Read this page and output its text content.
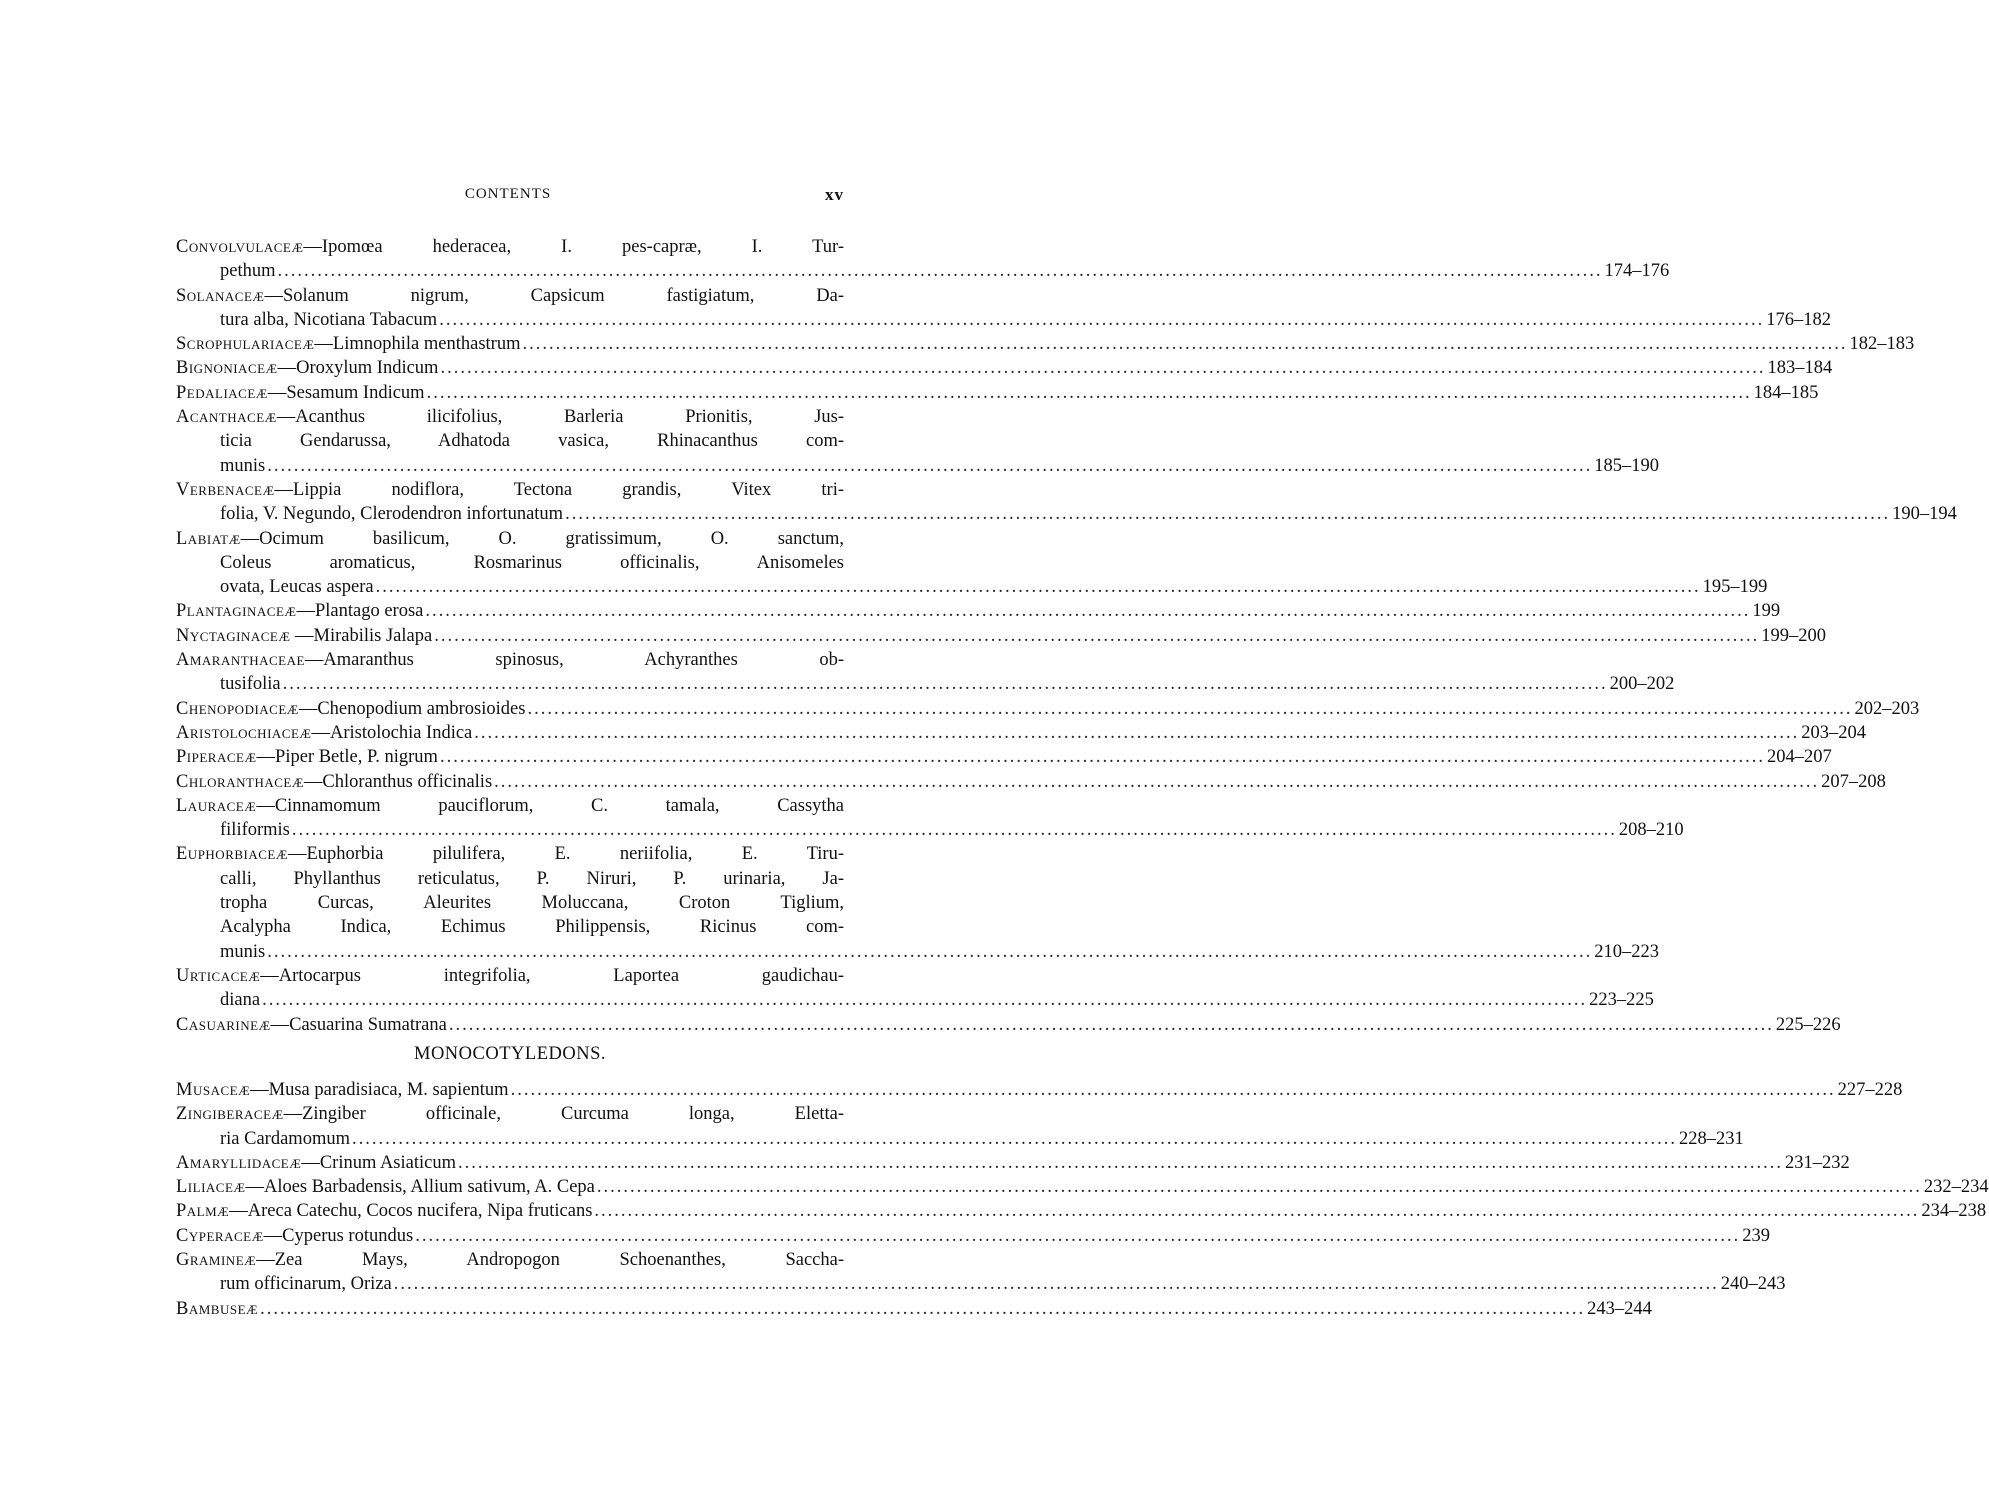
CONTENTS	xv
Convolvulaceæ—Ipomœa hederacea, I. pes-capræ, I. Tur-
pethum ........................................................................................................................................................................................................ 174–176
Solanaceæ—Solanum nigrum, Capsicum fastigiatum, Da-
tura alba, Nicotiana Tabacum ........................................................................................................................................................................................................ 176–182
Scrophulariaceæ—Limnophila menthastrum ........................................................................................................................................................................................................ 182–183
Bignoniaceæ—Oroxylum Indicum ........................................................................................................................................................................................................ 183–184
Pedaliaceæ—Sesamum Indicum ........................................................................................................................................................................................................ 184–185
Acanthaceæ—Acanthus ilicifolius, Barleria Prionitis, Jus-
ticia Gendarussa, Adhatoda vasica, Rhinacanthus com-
munis ........................................................................................................................................................................................................ 185–190
Verbenaceæ—Lippia nodiflora, Tectona grandis, Vitex tri-
folia, V. Negundo, Clerodendron infortunatum ........................................................................................................................................................................................................ 190–194
Labiatæ—Ocimum basilicum, O. gratissimum, O. sanctum,
Coleus aromaticus, Rosmarinus officinalis, Anisomeles
ovata, Leucas aspera ........................................................................................................................................................................................................ 195–199
Plantaginaceæ—Plantago erosa ........................................................................................................................................................................................................ 199
Nyctaginaceæ —Mirabilis Jalapa ........................................................................................................................................................................................................ 199–200
Amaranthaceae—Amaranthus spinosus, Achyranthes ob-
tusifolia ........................................................................................................................................................................................................ 200–202
Chenopodiaceæ—Chenopodium ambrosioides ........................................................................................................................................................................................................ 202–203
Aristolochiaceæ—Aristolochia Indica ........................................................................................................................................................................................................ 203–204
Piperaceæ—Piper Betle, P. nigrum ........................................................................................................................................................................................................ 204–207
Chloranthaceæ—Chloranthus officinalis ........................................................................................................................................................................................................ 207–208
Lauraceæ—Cinnamomum pauciflorum, C. tamala, Cassytha
filiformis ........................................................................................................................................................................................................ 208–210
Euphorbiaceæ—Euphorbia pilulifera, E. neriifolia, E. Tiru-
calli, Phyllanthus reticulatus, P. Niruri, P. urinaria, Ja-
tropha Curcas, Aleurites Moluccana, Croton Tiglium,
Acalypha Indica, Echimus Philippensis, Ricinus com-
munis ........................................................................................................................................................................................................ 210–223
Urticaceæ—Artocarpus integrifolia, Laportea gaudichau-
diana ........................................................................................................................................................................................................ 223–225
Casuarineæ—Casuarina Sumatrana ........................................................................................................................................................................................................ 225–226
MONOCOTYLEDONS.
Musaceæ—Musa paradisiaca, M. sapientum ........................................................................................................................................................................................................ 227–228
Zingiberaceæ—Zingiber officinale, Curcuma longa, Eletta-
ria Cardamomum ........................................................................................................................................................................................................ 228–231
Amaryllidaceæ—Crinum Asiaticum ........................................................................................................................................................................................................ 231–232
Liliaceæ—Aloes Barbadensis, Allium sativum, A. Cepa ........................................................................................................................................................................................................ 232–234
Palmæ—Areca Catechu, Cocos nucifera, Nipa fruticans ........................................................................................................................................................................................................ 234–238
Cyperaceæ—Cyperus rotundus ........................................................................................................................................................................................................ 239
Gramineæ—Zea Mays, Andropogon Schoenanthes, Saccha-
rum officinarum, Oriza ........................................................................................................................................................................................................ 240–243
Bambuseæ ........................................................................................................................................................................................................ 243–244
